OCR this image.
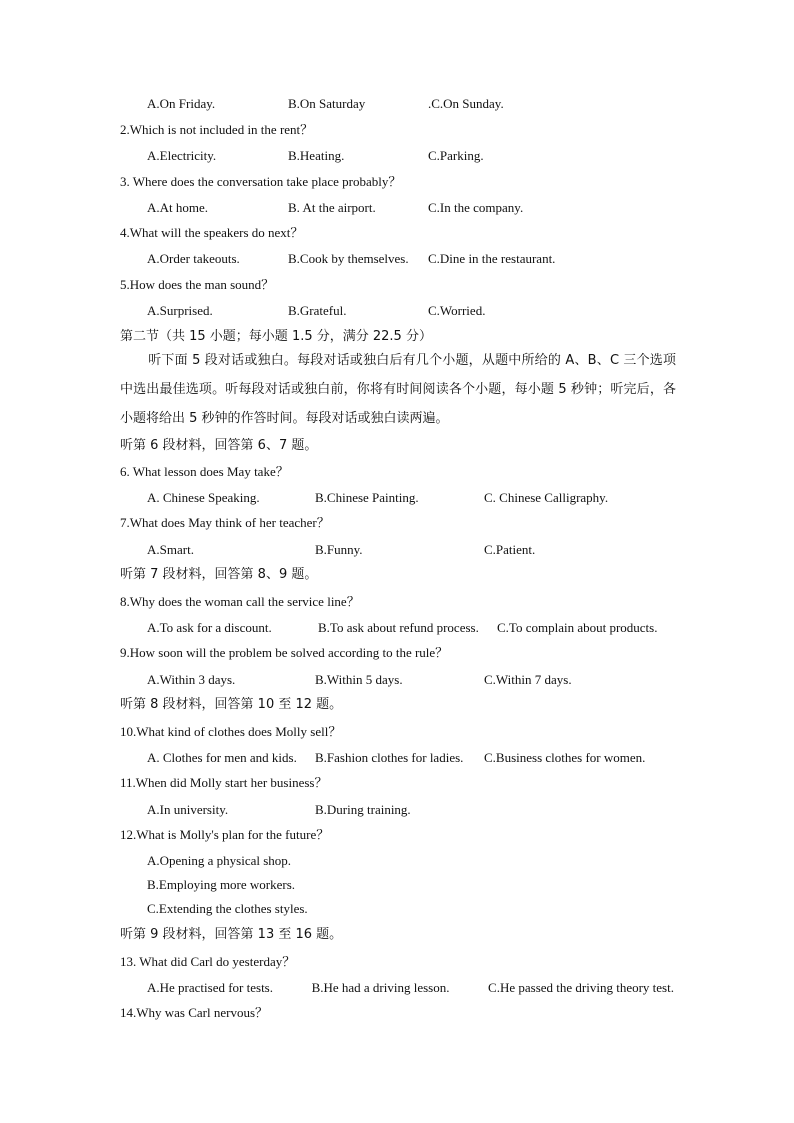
A.On Friday.	B.On Saturday	.C.On Sunday.
2.Which is not included in the rent？
A.Electricity.	B.Heating.	C.Parking.
3. Where does the conversation take place probably？
A.At home.	B. At the airport.	C.In the company.
4.What will the speakers do next？
A.Order takeouts.	B.Cook by themselves. C.Dine in the restaurant.
5.How does the man sound？
A.Surprised.	B.Grateful.	C.Worried.
第二节（共 15 小题；每小题 1.5 分，满分 22.5 分）
听下面 5 段对话或独白。每段对话或独白后有几个小题，从题中所给的 A、B、C 三个选项中选出最佳选项。听每段对话或独白前，你将有时间阅读各个小题，每小题 5 秒钟；听完后，各小题将给出 5 秒钟的作答时间。每段对话或独白读两遍。
听第 6 段材料，回答第 6、7 题。
6. What lesson does May take？
A. Chinese Speaking.	B.Chinese Painting.	C. Chinese Calligraphy.
7.What does May think of her teacher？
A.Smart.	B.Funny.	C.Patient.
听第 7 段材料，回答第 8、9 题。
8.Why does the woman call the service line？
A.To ask for a discount.	B.To ask about refund process. C.To complain about products.
9.How soon will the problem be solved according to the rule？
A.Within 3 days.	B.Within 5 days.	C.Within 7 days.
听第 8 段材料，回答第 10 至 12 题。
10.What kind of clothes does Molly sell？
A. Clothes for men and kids. B.Fashion clothes for ladies. C.Business clothes for women.
11.When did Molly start her business？
A.In university.	B.During training.
12.What is Molly's plan for the future？
A.Opening a physical shop.
B.Employing more workers.
C.Extending the clothes styles.
听第 9 段材料，回答第 13 至 16 题。
13. What did Carl do yesterday？
A.He practised for tests.	B.He had a driving lesson.	C.He passed the driving theory test.
14.Why was Carl nervous？
